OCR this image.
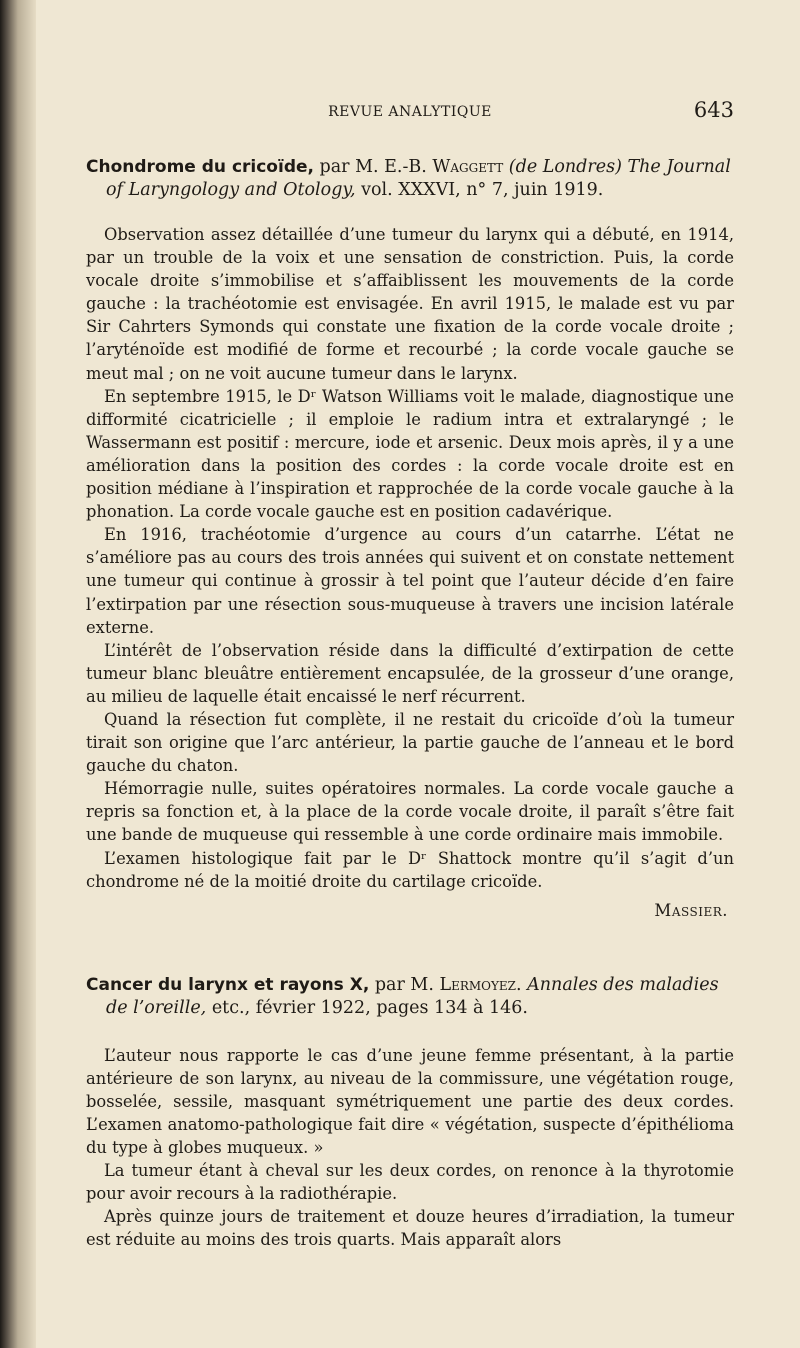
REVUE ANALYTIQUE	643

Chondrome du cricoïde, par M. E.-B. Waggett (de Londres) The Journal of Laryngology and Otology, vol. XXXVI, n° 7, juin 1919.

Observation assez détaillée d’une tumeur du larynx qui a débuté, en 1914, par un trouble de la voix et une sensation de constriction. Puis, la corde vocale droite s’immobilise et s’affaiblissent les mouvements de la corde gauche : la trachéotomie est envisagée. En avril 1915, le malade est vu par Sir Cahrters Symonds qui constate une fixation de la corde vocale droite ; l’aryténoïde est modifié de forme et recourbé ; la corde vocale gauche se meut mal ; on ne voit aucune tumeur dans le larynx.

En septembre 1915, le Dʳ Watson Williams voit le malade, diagnostique une difformité cicatricielle ; il emploie le radium intra et extralaryngé ; le Wassermann est positif : mercure, iode et arsenic. Deux mois après, il y a une amélioration dans la position des cordes : la corde vocale droite est en position médiane à l’inspiration et rapprochée de la corde vocale gauche à la phonation. La corde vocale gauche est en position cadavérique.

En 1916, trachéotomie d’urgence au cours d’un catarrhe. L’état ne s’améliore pas au cours des trois années qui suivent et on constate nettement une tumeur qui continue à grossir à tel point que l’auteur décide d’en faire l’extirpation par une résection sous-muqueuse à travers une incision latérale externe.

L’intérêt de l’observation réside dans la difficulté d’extirpation de cette tumeur blanc bleuâtre entièrement encapsulée, de la grosseur d’une orange, au milieu de laquelle était encaissé le nerf récurrent.

Quand la résection fut complète, il ne restait du cricoïde d’où la tumeur tirait son origine que l’arc antérieur, la partie gauche de l’anneau et le bord gauche du chaton.

Hémorragie nulle, suites opératoires normales. La corde vocale gauche a repris sa fonction et, à la place de la corde vocale droite, il paraît s’être fait une bande de muqueuse qui ressemble à une corde ordinaire mais immobile.

L’examen histologique fait par le Dʳ Shattock montre qu’il s’agit d’un chondrome né de la moitié droite du cartilage cricoïde.

Massier.

Cancer du larynx et rayons X, par M. Lermoyez. Annales des maladies de l’oreille, etc., février 1922, pages 134 à 146.

L’auteur nous rapporte le cas d’une jeune femme présentant, à la partie antérieure de son larynx, au niveau de la commissure, une végétation rouge, bosselée, sessile, masquant symétriquement une partie des deux cordes. L’examen anatomo-pathologique fait dire « végétation, suspecte d’épithélioma du type à globes muqueux. »

La tumeur étant à cheval sur les deux cordes, on renonce à la thyrotomie pour avoir recours à la radiothérapie.

Après quinze jours de traitement et douze heures d’irradiation, la tumeur est réduite au moins des trois quarts. Mais apparaît alors
